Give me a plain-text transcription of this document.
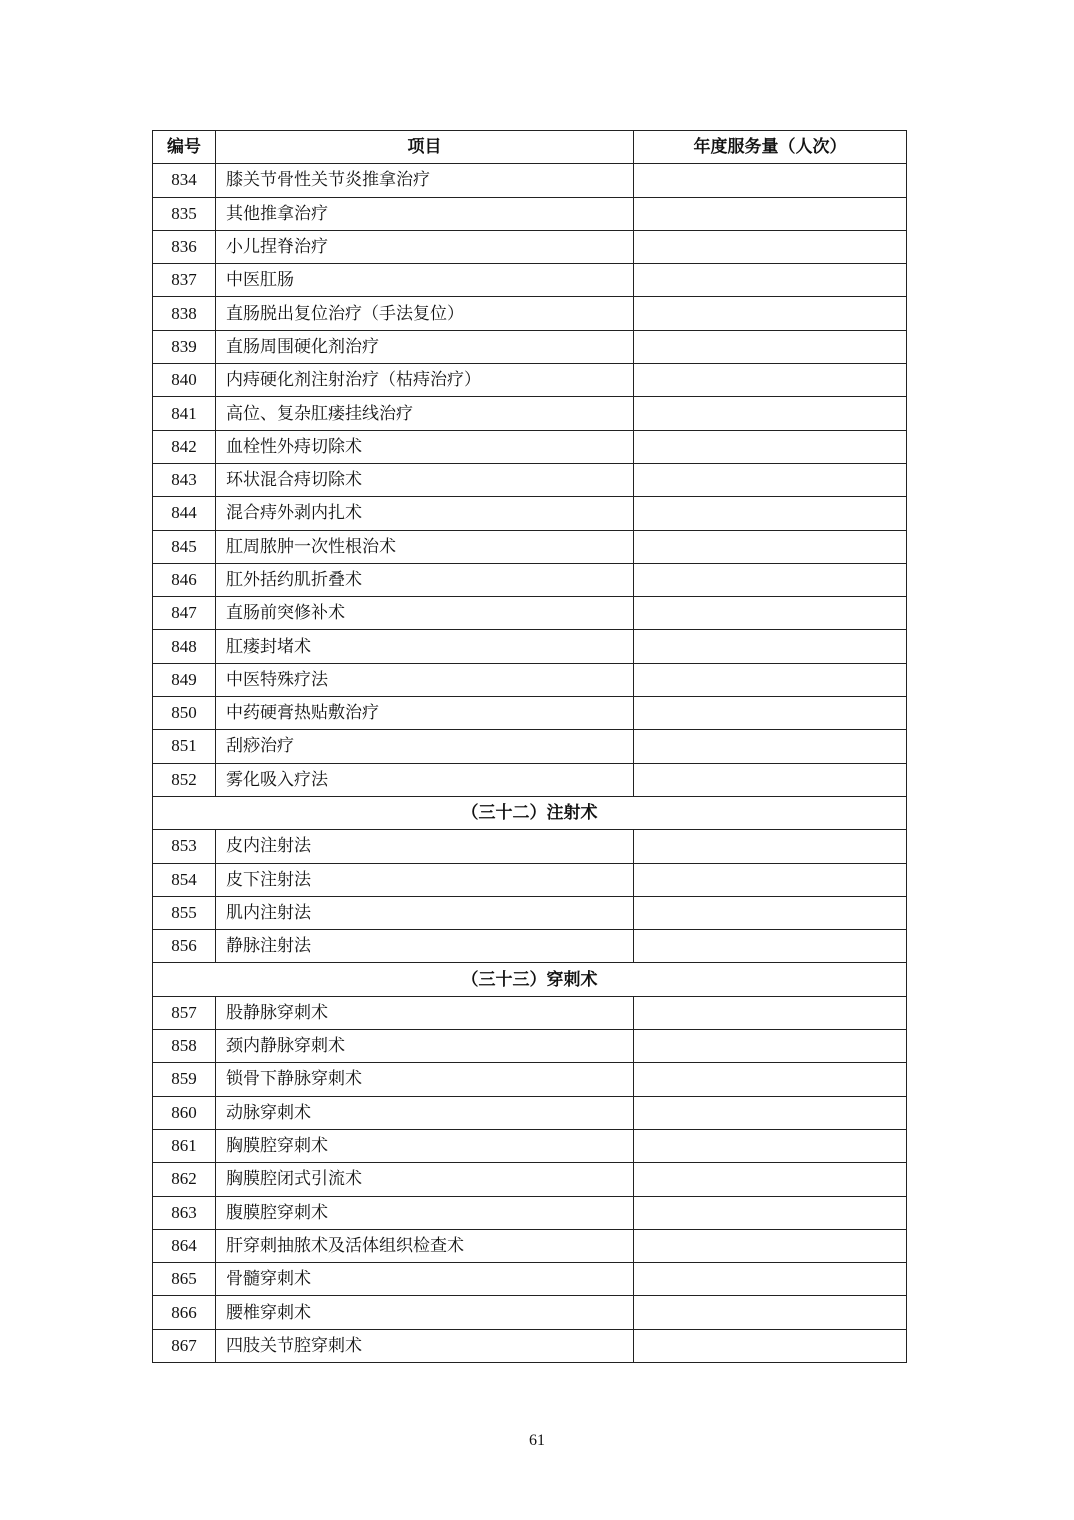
编号	项目	年度服务量（人次）
834	膝关节骨性关节炎推拿治疗	
835	其他推拿治疗	
836	小儿捏脊治疗	
837	中医肛肠	
838	直肠脱出复位治疗（手法复位）	
839	直肠周围硬化剂治疗	
840	内痔硬化剂注射治疗（枯痔治疗）	
841	高位、复杂肛瘘挂线治疗	
842	血栓性外痔切除术	
843	环状混合痔切除术	
844	混合痔外剥内扎术	
845	肛周脓肿一次性根治术	
846	肛外括约肌折叠术	
847	直肠前突修补术	
848	肛瘘封堵术	
849	中医特殊疗法	
850	中药硬膏热贴敷治疗	
851	刮痧治疗	
852	雾化吸入疗法	
（三十二）注射术		
853	皮内注射法	
854	皮下注射法	
855	肌内注射法	
856	静脉注射法	
（三十三）穿刺术		
857	股静脉穿刺术	
858	颈内静脉穿刺术	
859	锁骨下静脉穿刺术	
860	动脉穿刺术	
861	胸膜腔穿刺术	
862	胸膜腔闭式引流术	
863	腹膜腔穿刺术	
864	肝穿刺抽脓术及活体组织检查术	
865	骨髓穿刺术	
866	腰椎穿刺术	
867	四肢关节腔穿刺术	
61
